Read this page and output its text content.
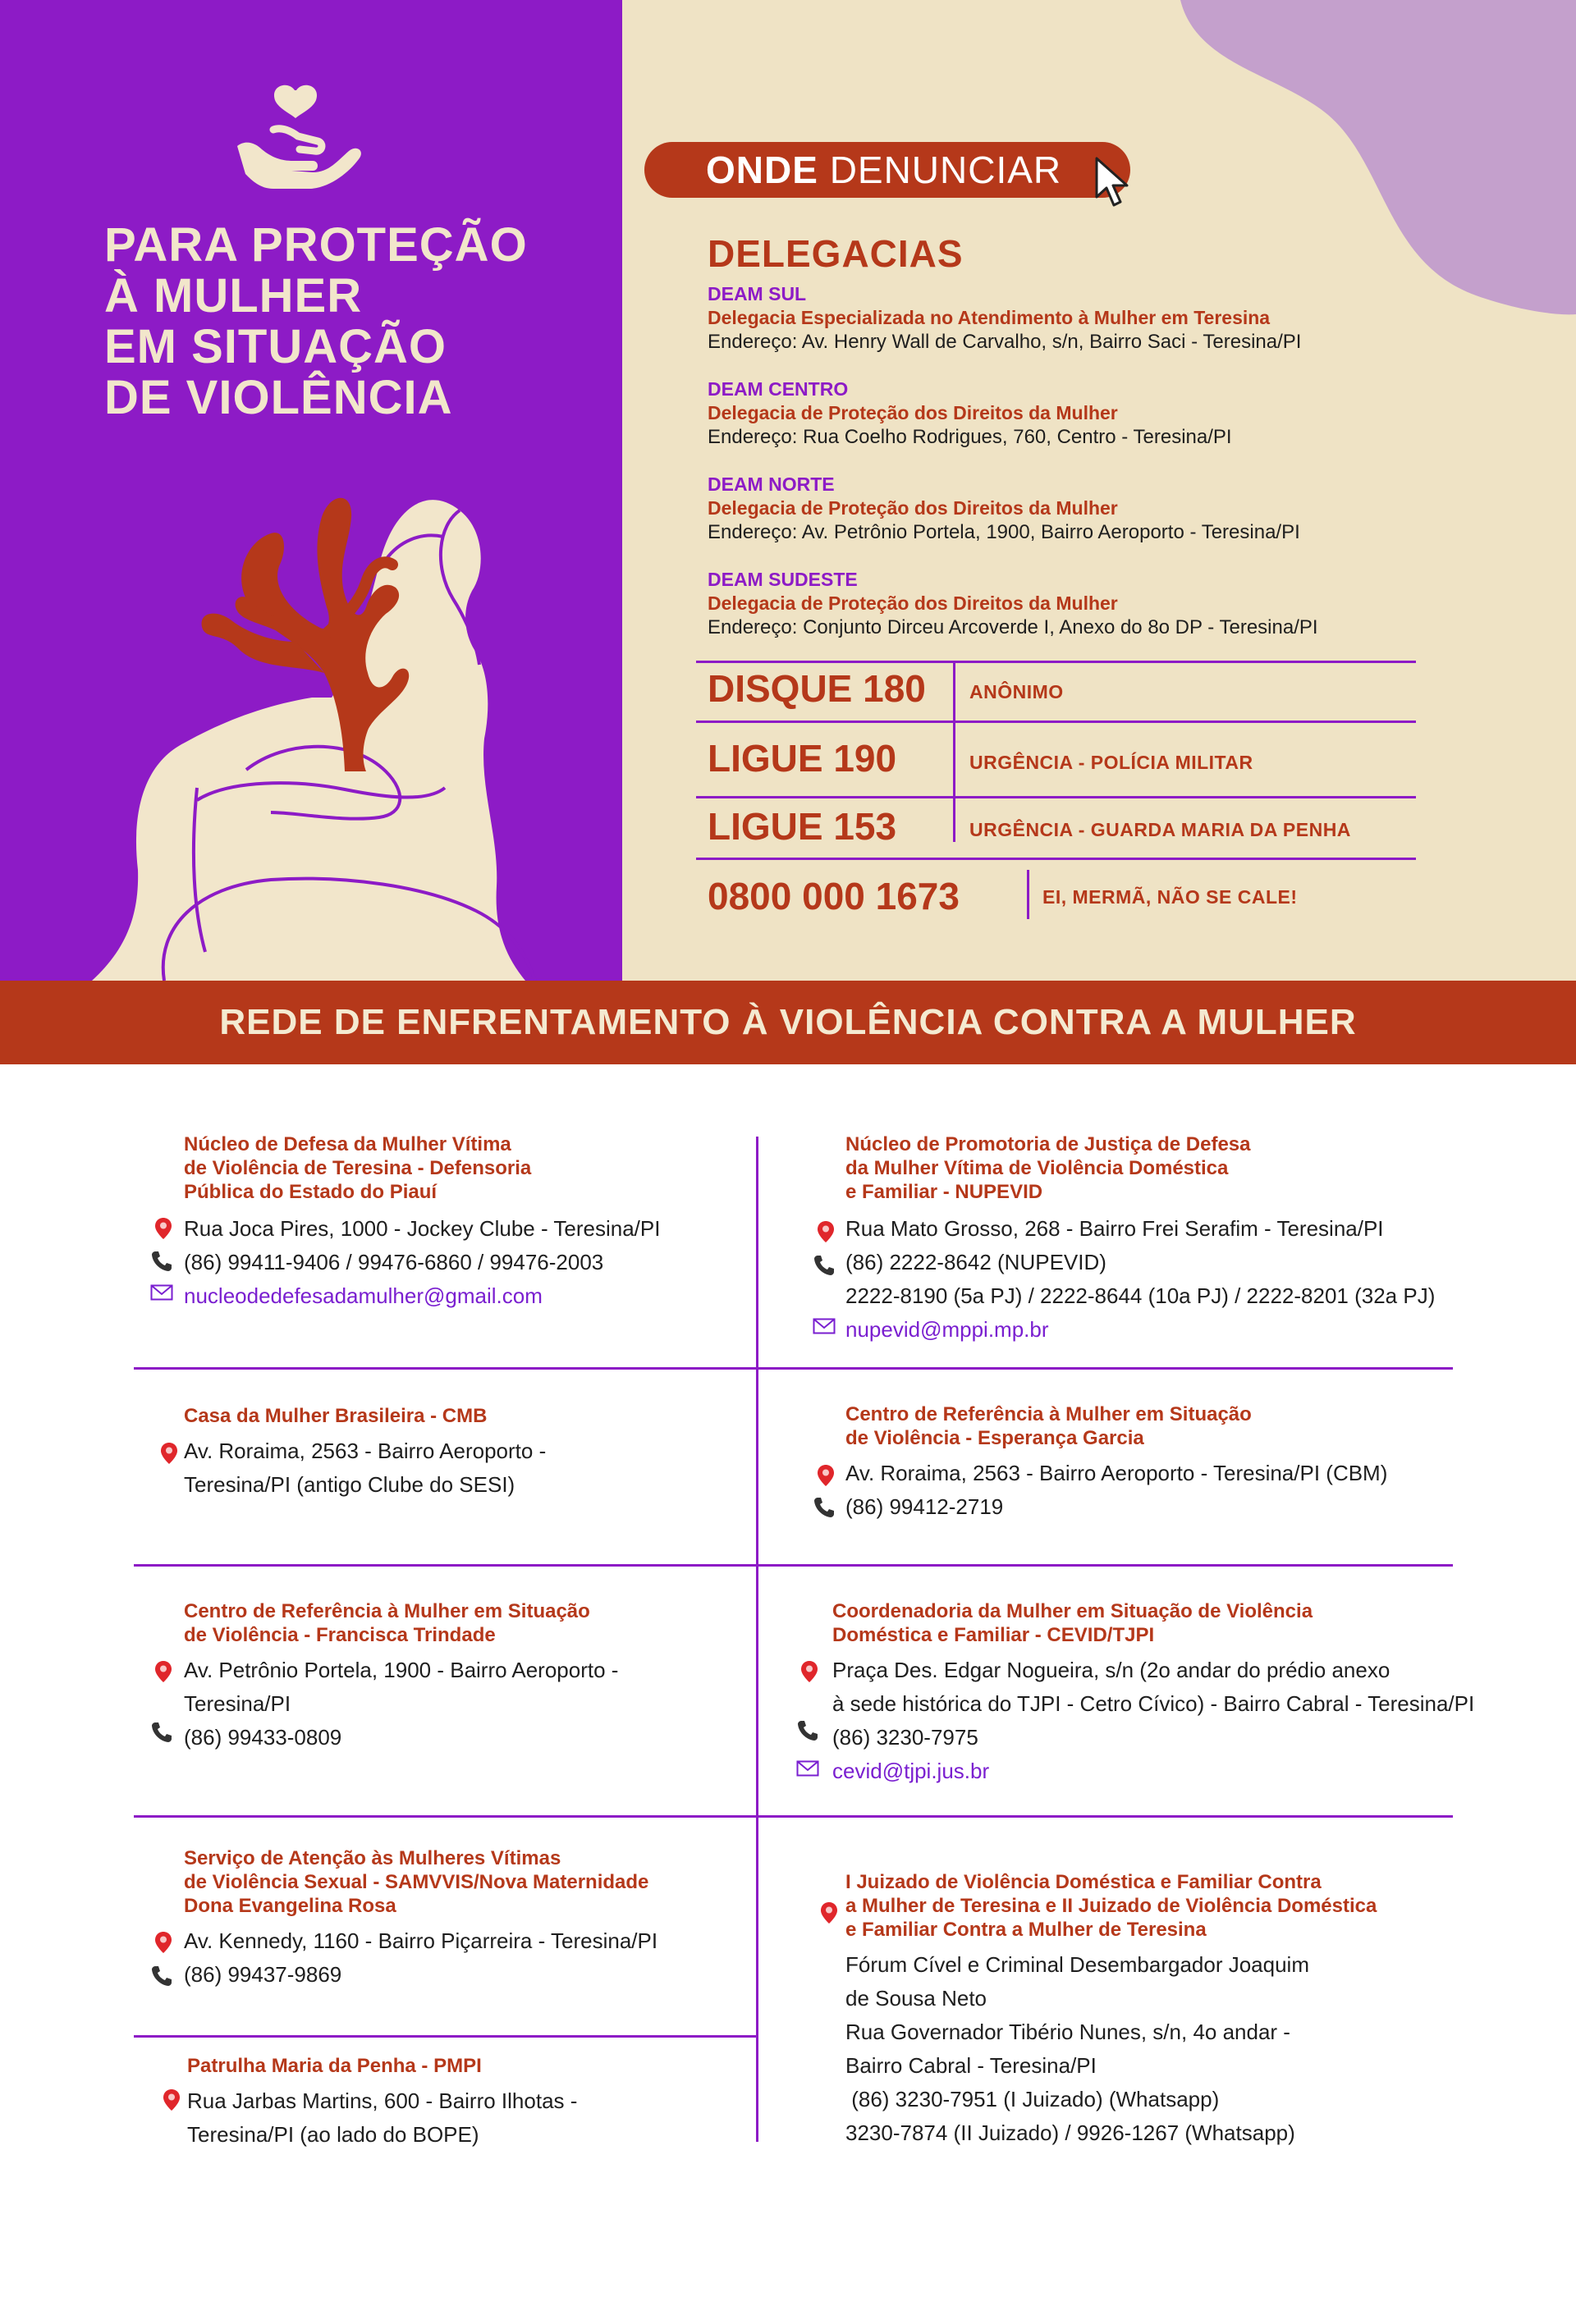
PARA PROTEÇÃO
À MULHER
EM SITUAÇÃO
DE VIOLÊNCIA
ONDE DENUNCIAR
DELEGACIAS
DEAM SUL
Delegacia Especializada no Atendimento à Mulher em Teresina
Endereço: Av. Henry Wall de Carvalho, s/n, Bairro Saci - Teresina/PI
DEAM CENTRO
Delegacia de Proteção dos Direitos da Mulher
Endereço: Rua Coelho Rodrigues, 760, Centro - Teresina/PI
DEAM NORTE
Delegacia de Proteção dos Direitos da Mulher
Endereço: Av. Petrônio Portela, 1900, Bairro Aeroporto - Teresina/PI
DEAM SUDESTE
Delegacia de Proteção dos Direitos da Mulher
Endereço: Conjunto Dirceu Arcoverde I, Anexo do 8o DP - Teresina/PI
DISQUE 180 ANÔNIMO
LIGUE 190	URGÊNCIA - POLÍCIA MILITAR
LIGUE 153	URGÊNCIA - GUARDA MARIA DA PENHA
0800 000 1673	EI, MERMÃ, NÃO SE CALE!
REDE DE ENFRENTAMENTO À VIOLÊNCIA CONTRA A MULHER
Núcleo de Defesa da Mulher Vítima
de Violência de Teresina - Defensoria
Pública do Estado do Piauí
Rua Joca Pires, 1000 - Jockey Clube - Teresina/PI
(86) 99411-9406 / 99476-6860 / 99476-2003
nucleodedefesadamulher@gmail.com
Núcleo de Promotoria de Justiça de Defesa
da Mulher Vítima de Violência Doméstica
e Familiar - NUPEVID
Rua Mato Grosso, 268 - Bairro Frei Serafim - Teresina/PI
(86) 2222-8642 (NUPEVID)
2222-8190 (5a PJ) / 2222-8644 (10a PJ) / 2222-8201 (32a PJ)
nupevid@mppi.mp.br
Casa da Mulher Brasileira - CMB
Av. Roraima, 2563 - Bairro Aeroporto -
Teresina/PI (antigo Clube do SESI)
Centro de Referência à Mulher em Situação
de Violência - Esperança Garcia
Av. Roraima, 2563 - Bairro Aeroporto - Teresina/PI (CBM)
(86) 99412-2719
Centro de Referência à Mulher em Situação
de Violência - Francisca Trindade
Av. Petrônio Portela, 1900 - Bairro Aeroporto -
Teresina/PI
(86) 99433-0809
Coordenadoria da Mulher em Situação de Violência
Doméstica e Familiar - CEVID/TJPI
Praça Des. Edgar Nogueira, s/n (2o andar do prédio anexo
à sede histórica do TJPI - Cetro Cívico) - Bairro Cabral - Teresina/PI
(86) 3230-7975
cevid@tjpi.jus.br
Serviço de Atenção às Mulheres Vítimas
de Violência Sexual - SAMVVIS/Nova Maternidade
Dona Evangelina Rosa
Av. Kennedy, 1160 - Bairro Piçarreira - Teresina/PI
(86) 99437-9869
I Juizado de Violência Doméstica e Familiar Contra
a Mulher de Teresina e II Juizado de Violência Doméstica
e Familiar Contra a Mulher de Teresina
Fórum Cível e Criminal Desembargador Joaquim
de Sousa Neto
Rua Governador Tibério Nunes, s/n, 4o andar -
Bairro Cabral - Teresina/PI
(86) 3230-7951 (I Juizado) (Whatsapp)
3230-7874 (II Juizado) / 9926-1267 (Whatsapp)
Patrulha Maria da Penha - PMPI
Rua Jarbas Martins, 600 - Bairro Ilhotas -
Teresina/PI (ao lado do BOPE)
